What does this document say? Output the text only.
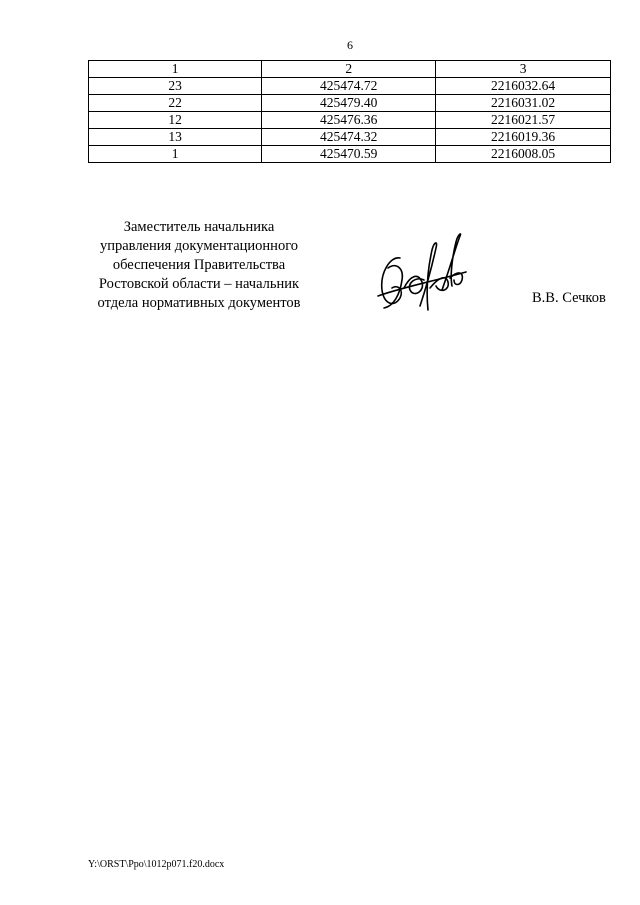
6
1	2	3
23	425474.72	2216032.64
22	425479.40	2216031.02
12	425476.36	2216021.57
13	425474.32	2216019.36
1	425470.59	2216008.05
Заместитель начальника
управления документационного
обеспечения Правительства
Ростовской области – начальник
отдела нормативных документов	В.В. Сечков
Y:\ORST\Ppo\1012p071.f20.docx
